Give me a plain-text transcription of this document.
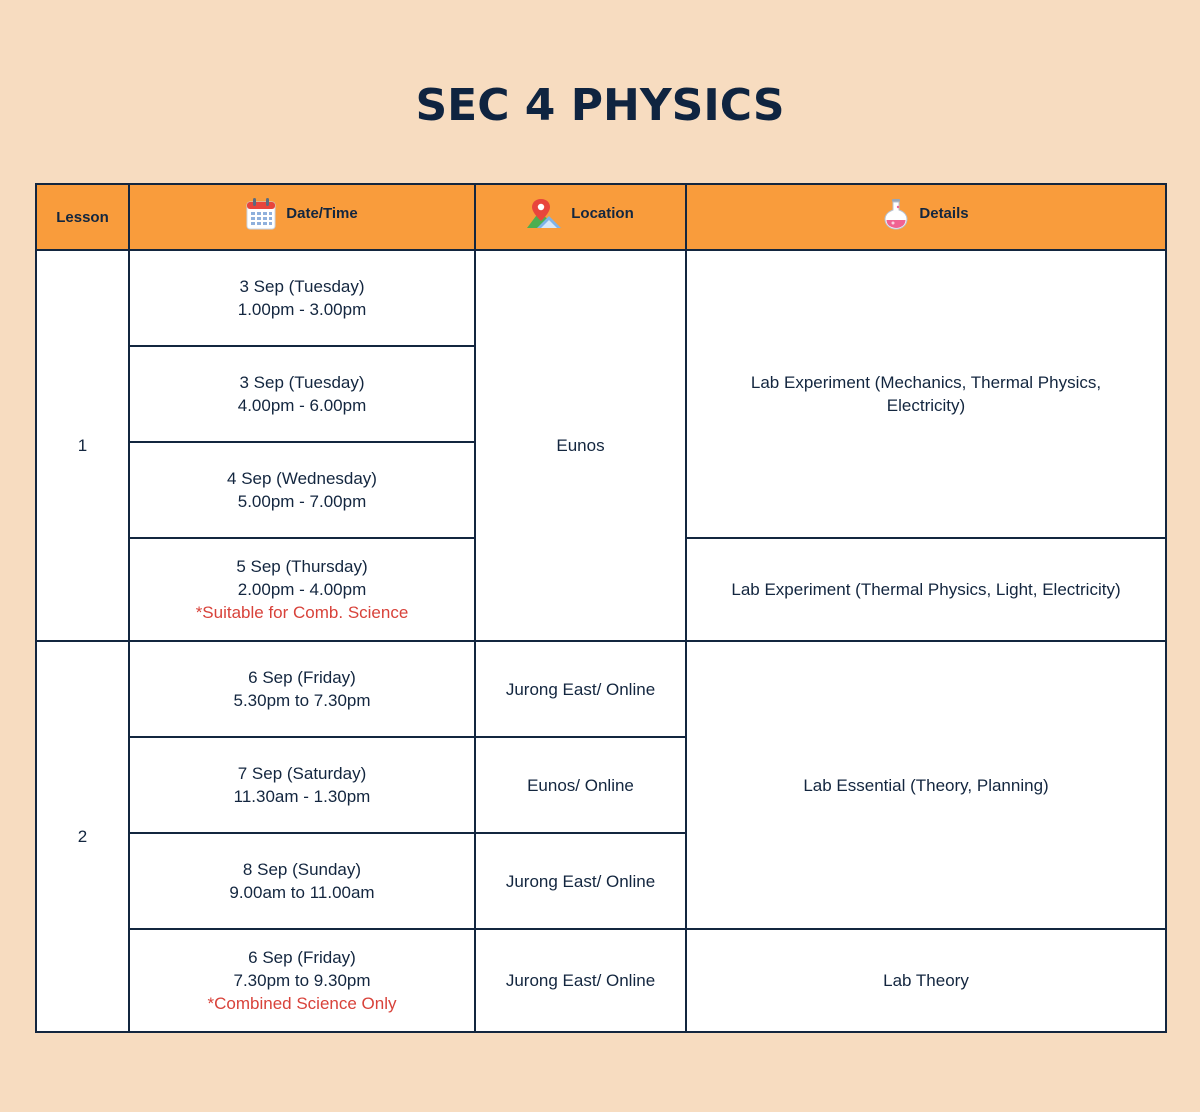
SEC 4 PHYSICS
Lesson	Date/Time	Location	Details

1	3 Sep (Tuesday)
1.00pm - 3.00pm	Eunos	Lab Experiment (Mechanics, Thermal Physics, Electricity)

	3 Sep (Tuesday)
4.00pm - 6.00pm		

	4 Sep (Wednesday)
5.00pm - 7.00pm		

	5 Sep (Thursday)
2.00pm - 4.00pm
*Suitable for Comb. Science		Lab Experiment (Thermal Physics, Light, Electricity)
2	6 Sep (Friday)
5.30pm to 7.30pm	Jurong East/ Online	Lab Essential (Theory, Planning)

	7 Sep (Saturday)
11.30am - 1.30pm	Eunos/ Online	

	8 Sep (Sunday)
9.00am to 11.00am	Jurong East/ Online	

	6 Sep (Friday)
7.30pm to 9.30pm
*Combined Science Only	Jurong East/ Online	Lab Theory
